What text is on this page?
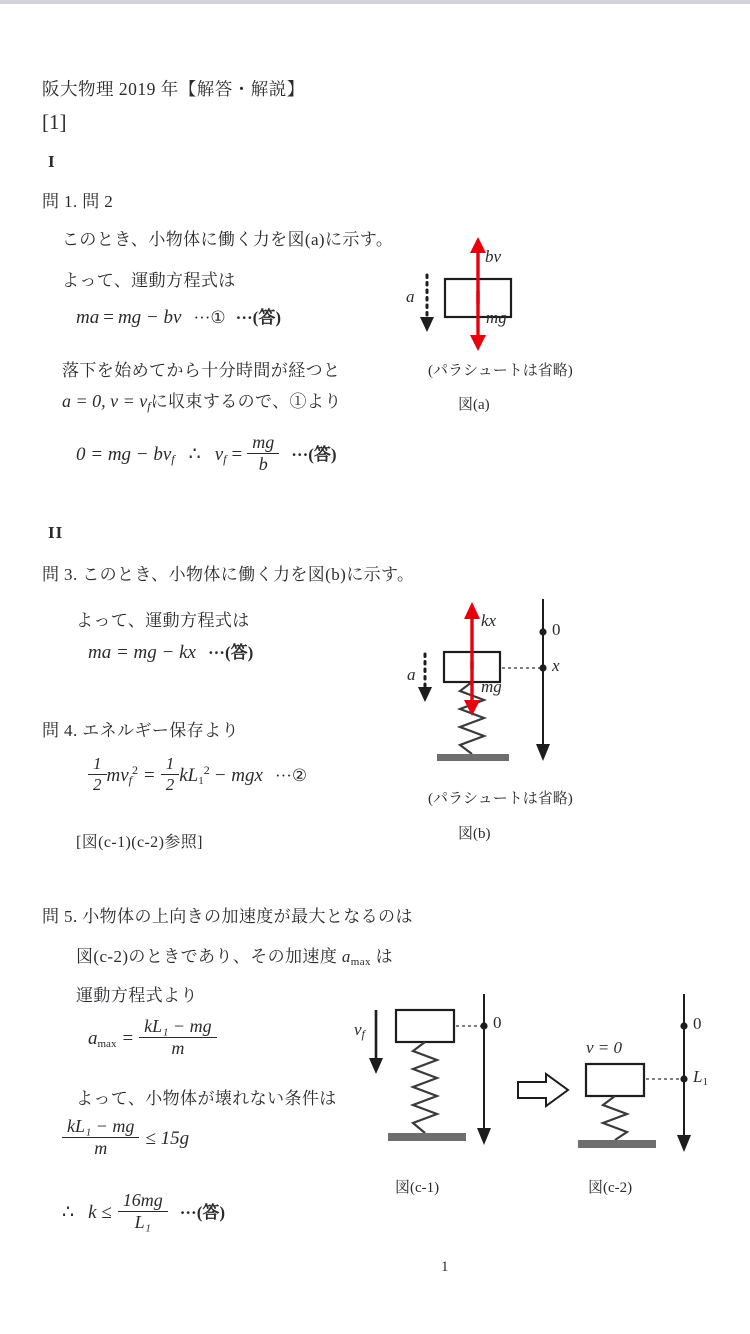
阪大物理 2019 年【解答・解説】
[1]
I
問 1. 問 2
このとき、小物体に働く力を図(a)に示す。
よって、運動方程式は
ma = mg − bv ···① ···(答)
落下を始めてから十分時間が経つと
a = 0, $v = v_f$に収束するので、①より
0 = mg − $bv_f$ ∴ $v_f = \frac{mg}{b}$ ···(答)
bv
mg
a
(パラシュートは省略)
図(a)
II
問 3. このとき、小物体に働く力を図(b)に示す。
よって、運動方程式は
ma = mg − kx ···(答)
問 4. エネルギー保存より
$\frac{1}{2} mv_f^2 = \frac{1}{2} kL1^2$ − mgx ···②
[図(c-1)(c-2)参照]
kx
mg
a
0
x
(パラシュートは省略)
図(b)
問 5. 小物体の上向きの加速度が最大となるのは
図(c-2)のときであり、その加速度 amax は
運動方程式より
$amax = \frac{\text{kL₁ − mg}}{m}$
よって、小物体が壊れない条件は
$\frac{\text{kL₁ − mg}}{m} \le 15g$
∴ $k \le \frac{16mg}{\text{L₁}}$ ···(答)
$v_f$
0
v = 0
0
L1
図(c-1)	図(c-2)
1
